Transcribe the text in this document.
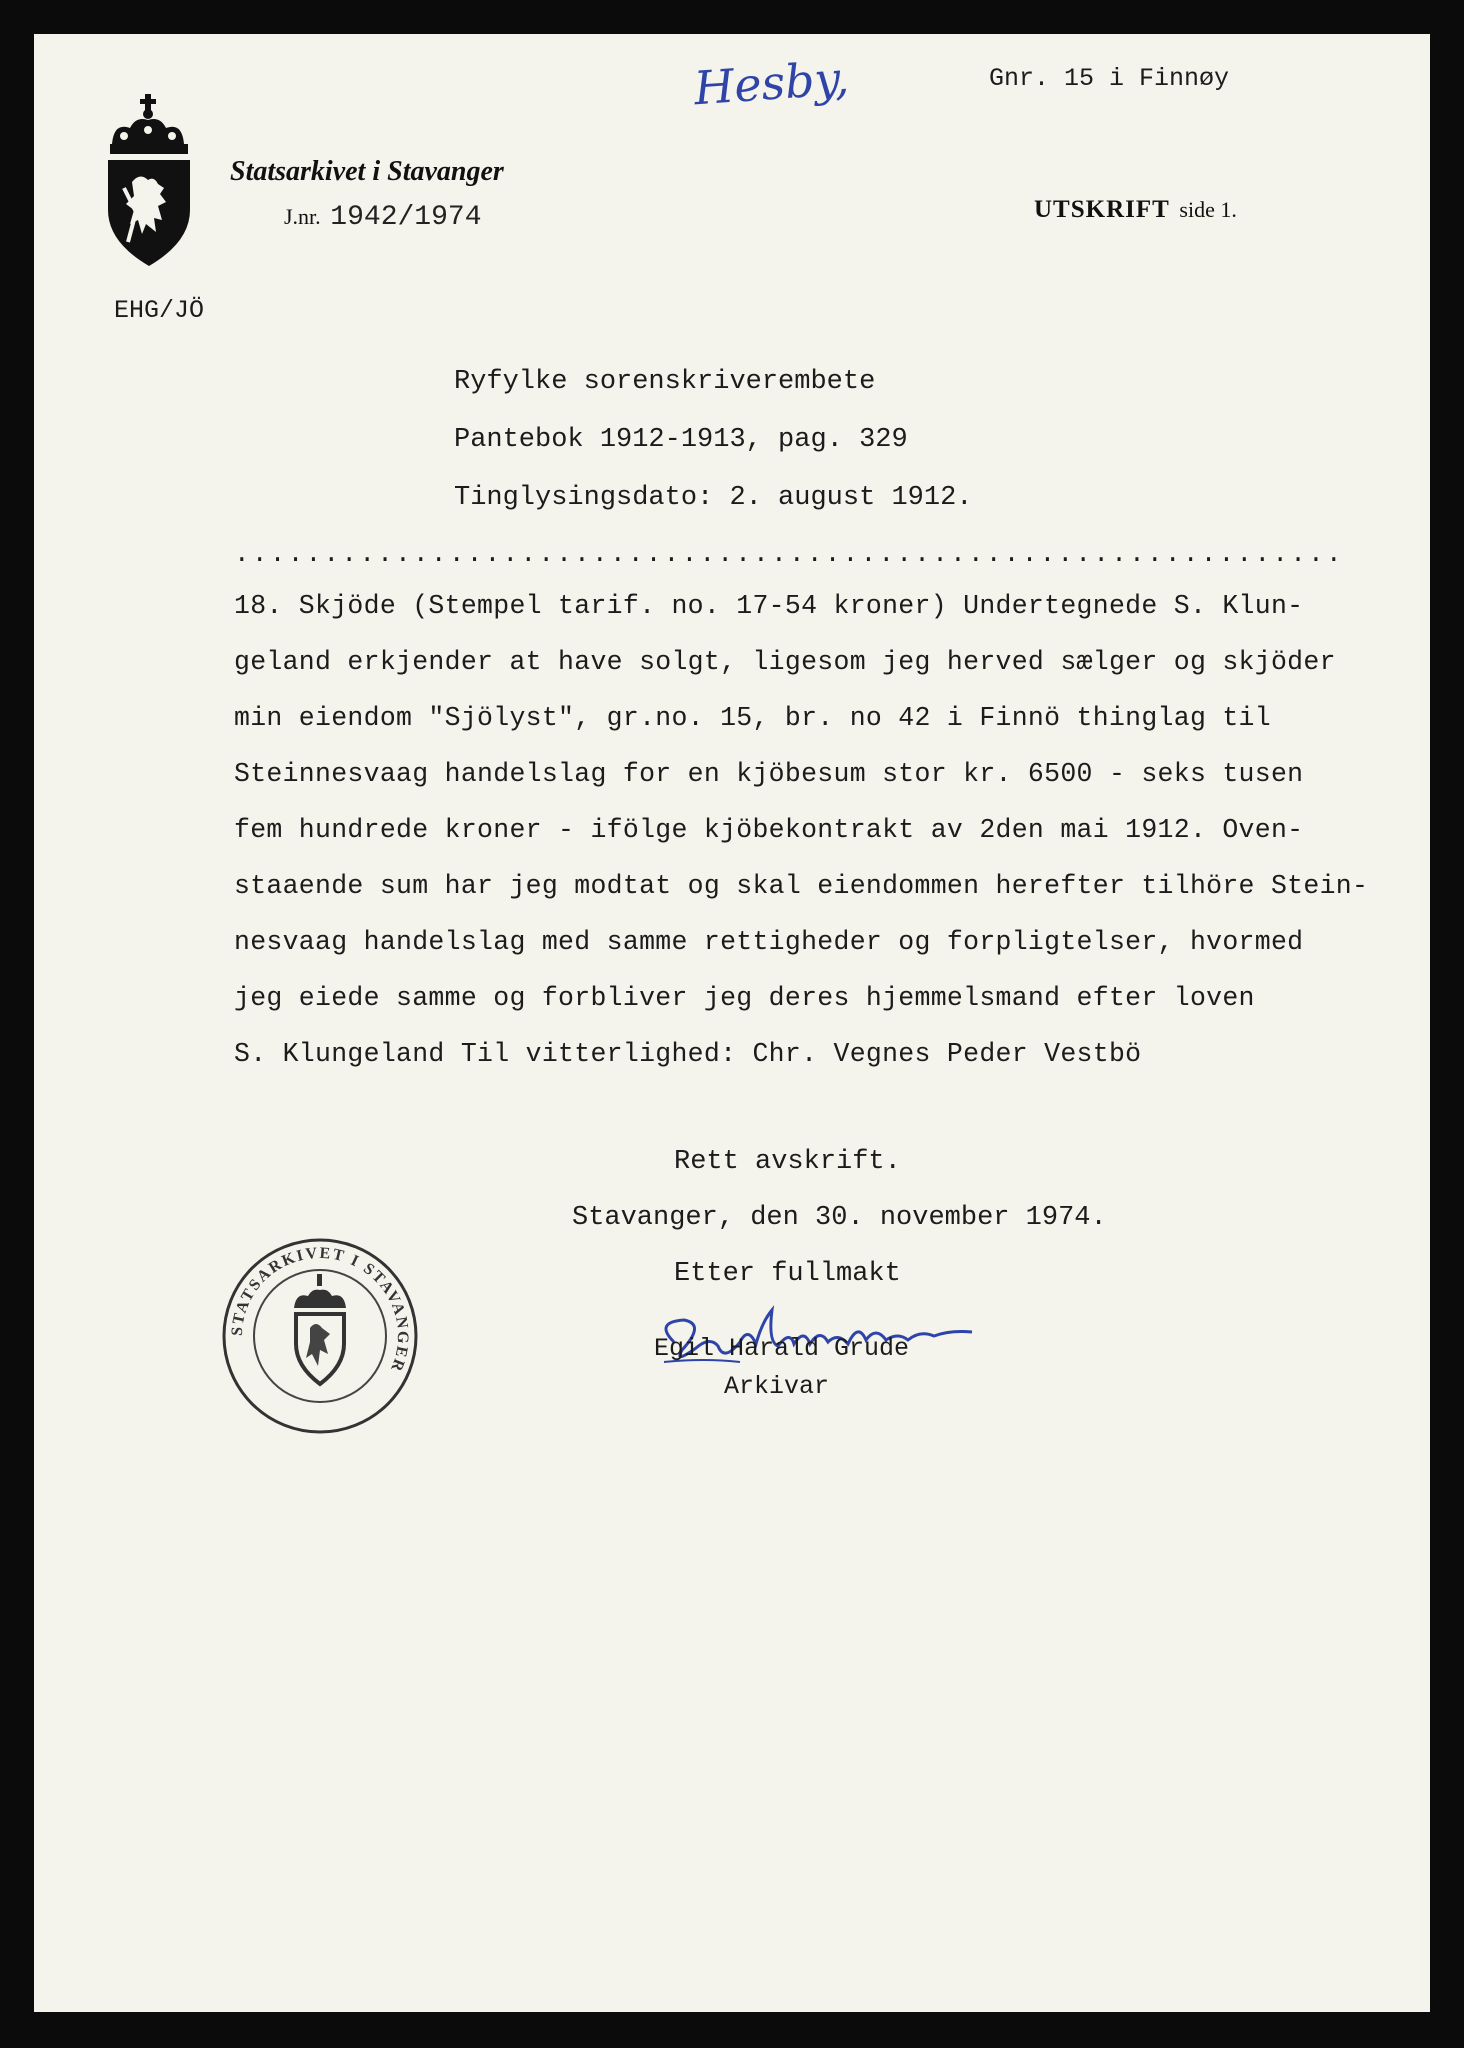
Hesby,	Gnr. 15 i Finnøy
Statsarkivet i Stavanger
J.nr. 1942/1974	UTSKRIFT side 1.
EHG/JÖ
Ryfylke sorenskriverembete
Pantebok 1912-1913, pag. 329
Tinglysingsdato: 2. august 1912.
..............................................................
18. Skjöde (Stempel tarif. no. 17-54 kroner) Undertegnede S. Klun-
geland erkjender at have solgt, ligesom jeg herved sælger og skjöder
min eiendom "Sjölyst", gr.no. 15, br. no 42 i Finnö thinglag til
Steinnesvaag handelslag for en kjöbesum stor kr. 6500 - seks tusen
fem hundrede kroner - ifölge kjöbekontrakt av 2den mai 1912. Oven-
staaende sum har jeg modtat og skal eiendommen herefter tilhöre Stein-
nesvaag handelslag med samme rettigheder og forpligtelser, hvormed
jeg eiede samme og forbliver jeg deres hjemmelsmand efter loven
S. Klungeland Til vitterlighed: Chr. Vegnes Peder Vestbö
Rett avskrift.
Stavanger, den 30. november 1974.
Etter fullmakt
STATSARKIVET I STAVANGER
Egil Harald Grude
Arkivar
